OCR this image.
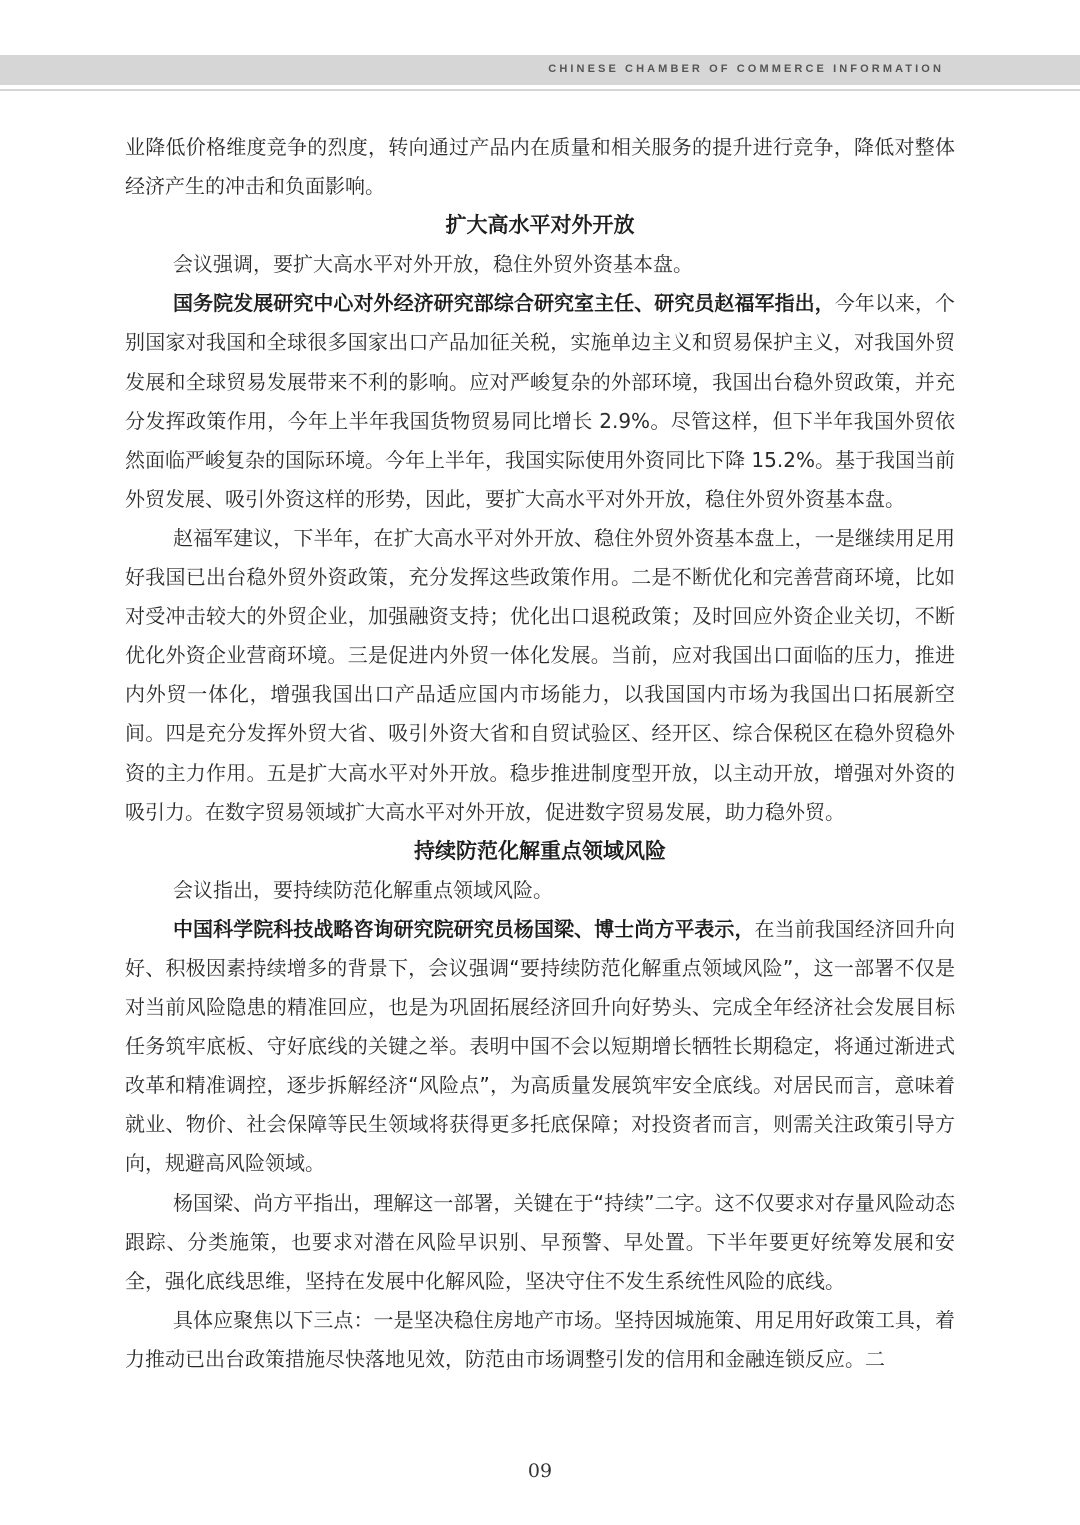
CHINESE CHAMBER OF COMMERCE INFORMATION

业降低价格维度竞争的烈度，转向通过产品内在质量和相关服务的提升进行竞争，降低对整体经济产生的冲击和负面影响。

扩大高水平对外开放

会议强调，要扩大高水平对外开放，稳住外贸外资基本盘。

国务院发展研究中心对外经济研究部综合研究室主任、研究员赵福军指出，今年以来，个别国家对我国和全球很多国家出口产品加征关税，实施单边主义和贸易保护主义，对我国外贸发展和全球贸易发展带来不利的影响。应对严峻复杂的外部环境，我国出台稳外贸政策，并充分发挥政策作用，今年上半年我国货物贸易同比增长 2.9%。尽管这样，但下半年我国外贸依然面临严峻复杂的国际环境。今年上半年，我国实际使用外资同比下降 15.2%。基于我国当前外贸发展、吸引外资这样的形势，因此，要扩大高水平对外开放，稳住外贸外资基本盘。

赵福军建议，下半年，在扩大高水平对外开放、稳住外贸外资基本盘上，一是继续用足用好我国已出台稳外贸外资政策，充分发挥这些政策作用。二是不断优化和完善营商环境，比如对受冲击较大的外贸企业，加强融资支持；优化出口退税政策；及时回应外资企业关切，不断优化外资企业营商环境。三是促进内外贸一体化发展。当前，应对我国出口面临的压力，推进内外贸一体化，增强我国出口产品适应国内市场能力，以我国国内市场为我国出口拓展新空间。四是充分发挥外贸大省、吸引外资大省和自贸试验区、经开区、综合保税区在稳外贸稳外资的主力作用。五是扩大高水平对外开放。稳步推进制度型开放，以主动开放，增强对外资的吸引力。在数字贸易领域扩大高水平对外开放，促进数字贸易发展，助力稳外贸。

持续防范化解重点领域风险

会议指出，要持续防范化解重点领域风险。

中国科学院科技战略咨询研究院研究员杨国梁、博士尚方平表示，在当前我国经济回升向好、积极因素持续增多的背景下，会议强调“要持续防范化解重点领域风险”，这一部署不仅是对当前风险隐患的精准回应，也是为巩固拓展经济回升向好势头、完成全年经济社会发展目标任务筑牢底板、守好底线的关键之举。表明中国不会以短期增长牺牲长期稳定，将通过渐进式改革和精准调控，逐步拆解经济“风险点”，为高质量发展筑牢安全底线。对居民而言，意味着就业、物价、社会保障等民生领域将获得更多托底保障；对投资者而言，则需关注政策引导方向，规避高风险领域。

杨国梁、尚方平指出，理解这一部署，关键在于“持续”二字。这不仅要求对存量风险动态跟踪、分类施策，也要求对潜在风险早识别、早预警、早处置。下半年要更好统筹发展和安全，强化底线思维，坚持在发展中化解风险，坚决守住不发生系统性风险的底线。

具体应聚焦以下三点：一是坚决稳住房地产市场。坚持因城施策、用足用好政策工具，着力推动已出台政策措施尽快落地见效，防范由市场调整引发的信用和金融连锁反应。二

09
